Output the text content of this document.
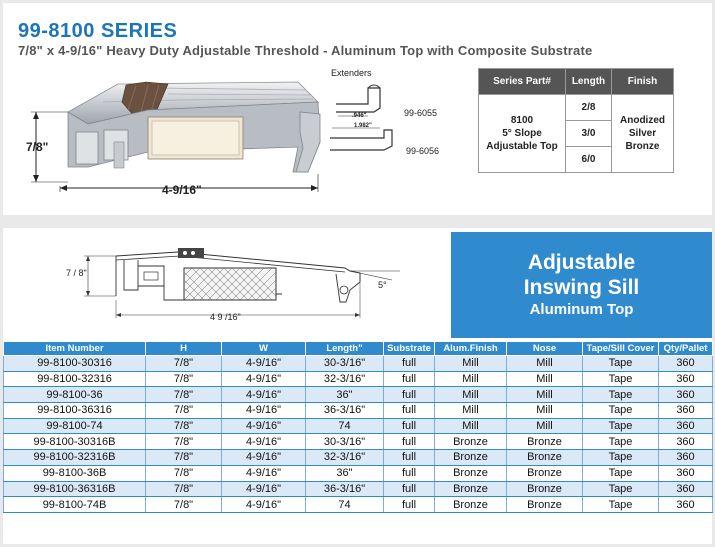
99-8100 SERIES
7/8" x 4-9/16" Heavy Duty Adjustable Threshold - Aluminum Top with Composite Substrate
7/8"
4-9/16"
Extenders
.946"	99-6055
1.982"
99-6056
Series Part#	Length	Finish

8100
5° Slope
Adjustable Top	2/8	Anodized Silver
Bronze

	3/0	
	6/0	
7 / 8"
4 9 /16"
5°
Adjustable
Inswing Sill
Aluminum Top
Item Number	H	W	Length"	Substrate	Alum.Finish	Nose	Tape/Sill Cover	Qty/Pallet
99-8100-30316	7/8"	4-9/16"	30-3/16"	full	Mill	Mill	Tape	360
99-8100-32316	7/8"	4-9/16"	32-3/16"	full	Mill	Mill	Tape	360
99-8100-36	7/8"	4-9/16"	36"	full	Mill	Mill	Tape	360
99-8100-36316	7/8"	4-9/16"	36-3/16"	full	Mill	Mill	Tape	360
99-8100-74	7/8"	4-9/16"	74	full	Mill	Mill	Tape	360
99-8100-30316B	7/8"	4-9/16"	30-3/16"	full	Bronze	Bronze	Tape	360
99-8100-32316B	7/8"	4-9/16"	32-3/16"	full	Bronze	Bronze	Tape	360
99-8100-36B	7/8"	4-9/16"	36"	full	Bronze	Bronze	Tape	360
99-8100-36316B	7/8"	4-9/16"	36-3/16"	full	Bronze	Bronze	Tape	360
99-8100-74B	7/8"	4-9/16"	74	full	Bronze	Bronze	Tape	360
